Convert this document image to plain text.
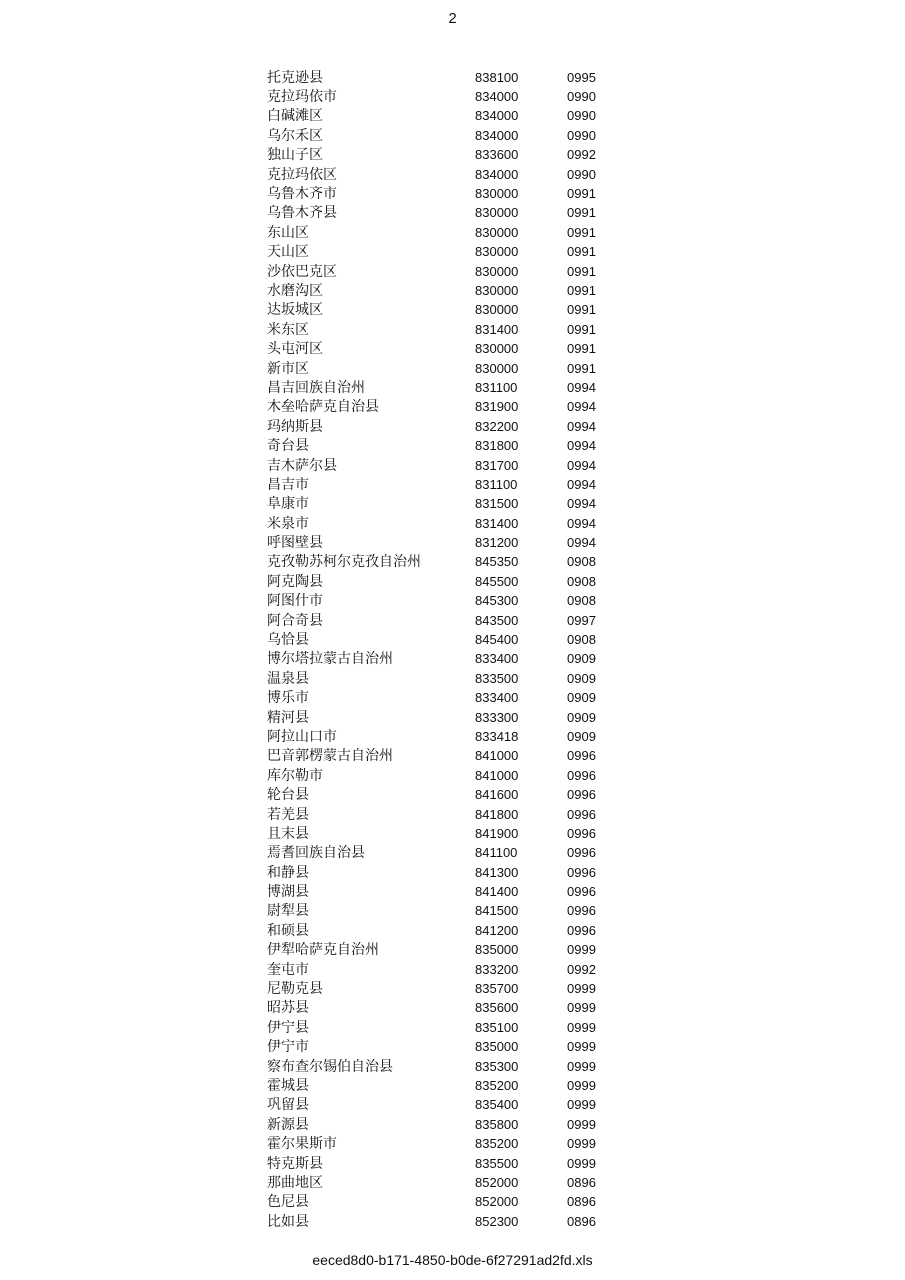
2
托克逊县	838100	0995
克拉玛依市	834000	0990
白碱滩区	834000	0990
乌尔禾区	834000	0990
独山子区	833600	0992
克拉玛依区	834000	0990
乌鲁木齐市	830000	0991
乌鲁木齐县	830000	0991
东山区	830000	0991
天山区	830000	0991
沙依巴克区	830000	0991
水磨沟区	830000	0991
达坂城区	830000	0991
米东区	831400	0991
头屯河区	830000	0991
新市区	830000	0991
昌吉回族自治州	831100	0994
木垒哈萨克自治县	831900	0994
玛纳斯县	832200	0994
奇台县	831800	0994
吉木萨尔县	831700	0994
昌吉市	831100	0994
阜康市	831500	0994
米泉市	831400	0994
呼图壁县	831200	0994
克孜勒苏柯尔克孜自治州	845350	0908
阿克陶县	845500	0908
阿图什市	845300	0908
阿合奇县	843500	0997
乌恰县	845400	0908
博尔塔拉蒙古自治州	833400	0909
温泉县	833500	0909
博乐市	833400	0909
精河县	833300	0909
阿拉山口市	833418	0909
巴音郭楞蒙古自治州	841000	0996
库尔勒市	841000	0996
轮台县	841600	0996
若羌县	841800	0996
且末县	841900	0996
焉耆回族自治县	841100	0996
和静县	841300	0996
博湖县	841400	0996
尉犁县	841500	0996
和硕县	841200	0996
伊犁哈萨克自治州	835000	0999
奎屯市	833200	0992
尼勒克县	835700	0999
昭苏县	835600	0999
伊宁县	835100	0999
伊宁市	835000	0999
察布查尔锡伯自治县	835300	0999
霍城县	835200	0999
巩留县	835400	0999
新源县	835800	0999
霍尔果斯市	835200	0999
特克斯县	835500	0999
那曲地区	852000	0896
色尼县	852000	0896
比如县	852300	0896
eeced8d0-b171-4850-b0de-6f27291ad2fd.xls
